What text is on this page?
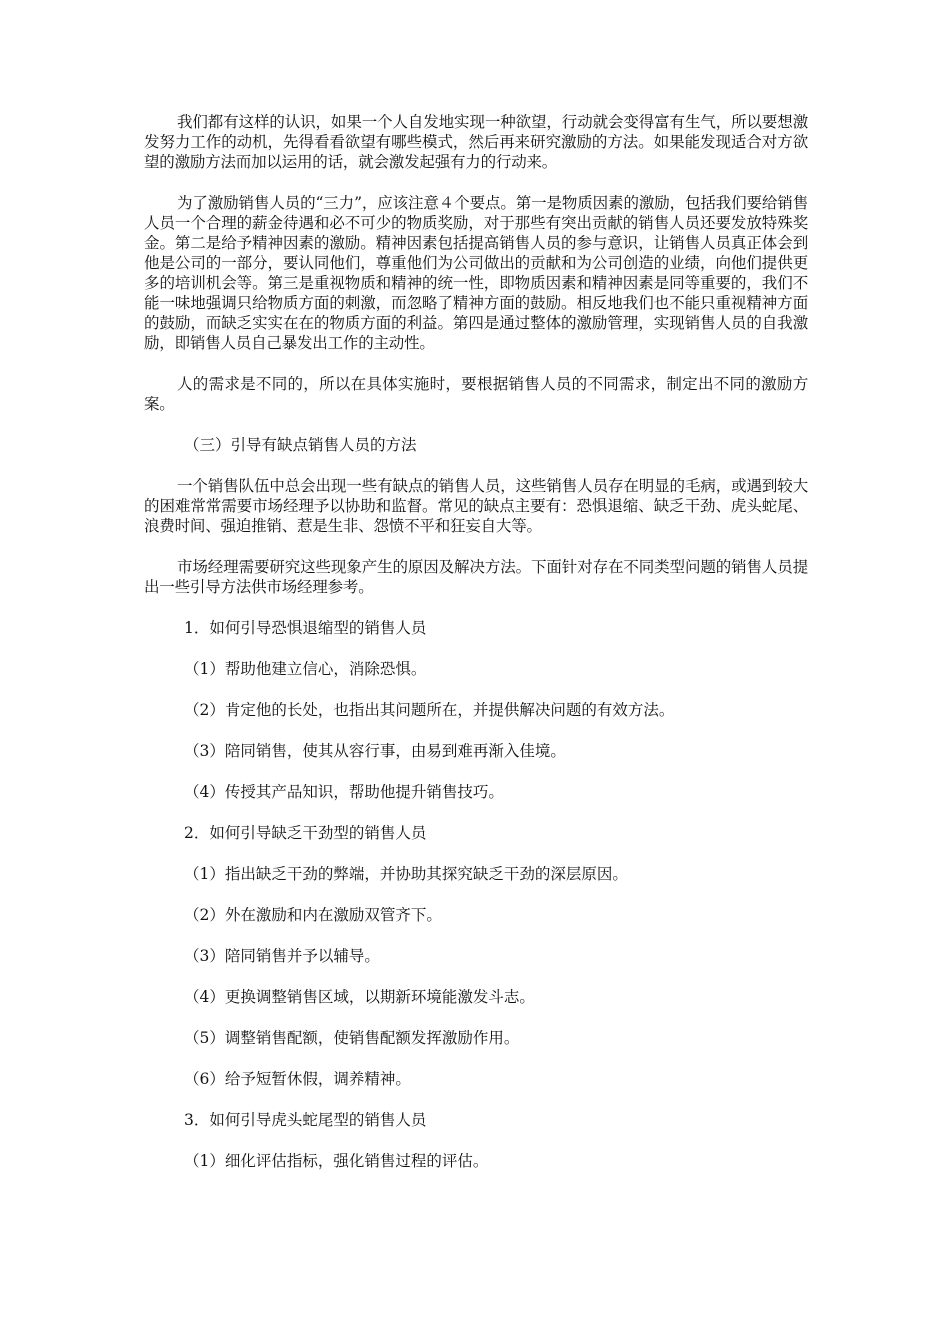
我们都有这样的认识，如果一个人自发地实现一种欲望，行动就会变得富有生气，所以要想激发努力工作的动机，先得看看欲望有哪些模式，然后再来研究激励的方法。如果能发现适合对方欲望的激励方法而加以运用的话，就会激发起强有力的行动来。

为了激励销售人员的“三力”，应该注意４个要点。第一是物质因素的激励，包括我们要给销售人员一个合理的薪金待遇和必不可少的物质奖励，对于那些有突出贡献的销售人员还要发放特殊奖金。第二是给予精神因素的激励。精神因素包括提高销售人员的参与意识，让销售人员真正体会到他是公司的一部分，要认同他们，尊重他们为公司做出的贡献和为公司创造的业绩，向他们提供更多的培训机会等。第三是重视物质和精神的统一性，即物质因素和精神因素是同等重要的，我们不能一味地强调只给物质方面的刺激，而忽略了精神方面的鼓励。相反地我们也不能只重视精神方面的鼓励，而缺乏实实在在的物质方面的利益。第四是通过整体的激励管理，实现销售人员的自我激励，即销售人员自己暴发出工作的主动性。

人的需求是不同的，所以在具体实施时，要根据销售人员的不同需求，制定出不同的激励方案。

（三）引导有缺点销售人员的方法

一个销售队伍中总会出现一些有缺点的销售人员，这些销售人员存在明显的毛病，或遇到较大的困难常常需要市场经理予以协助和监督。常见的缺点主要有：恐惧退缩、缺乏干劲、虎头蛇尾、浪费时间、强迫推销、惹是生非、怨愤不平和狂妄自大等。

市场经理需要研究这些现象产生的原因及解决方法。下面针对存在不同类型问题的销售人员提出一些引导方法供市场经理参考。

1．如何引导恐惧退缩型的销售人员

（1）帮助他建立信心，消除恐惧。

（2）肯定他的长处，也指出其问题所在，并提供解决问题的有效方法。

（3）陪同销售，使其从容行事，由易到难再渐入佳境。

（4）传授其产品知识，帮助他提升销售技巧。

2．如何引导缺乏干劲型的销售人员

（1）指出缺乏干劲的弊端，并协助其探究缺乏干劲的深层原因。

（2）外在激励和内在激励双管齐下。

（3）陪同销售并予以辅导。

（4）更换调整销售区域，以期新环境能激发斗志。

（5）调整销售配额，使销售配额发挥激励作用。

（6）给予短暂休假，调养精神。

3．如何引导虎头蛇尾型的销售人员

（1）细化评估指标，强化销售过程的评估。
